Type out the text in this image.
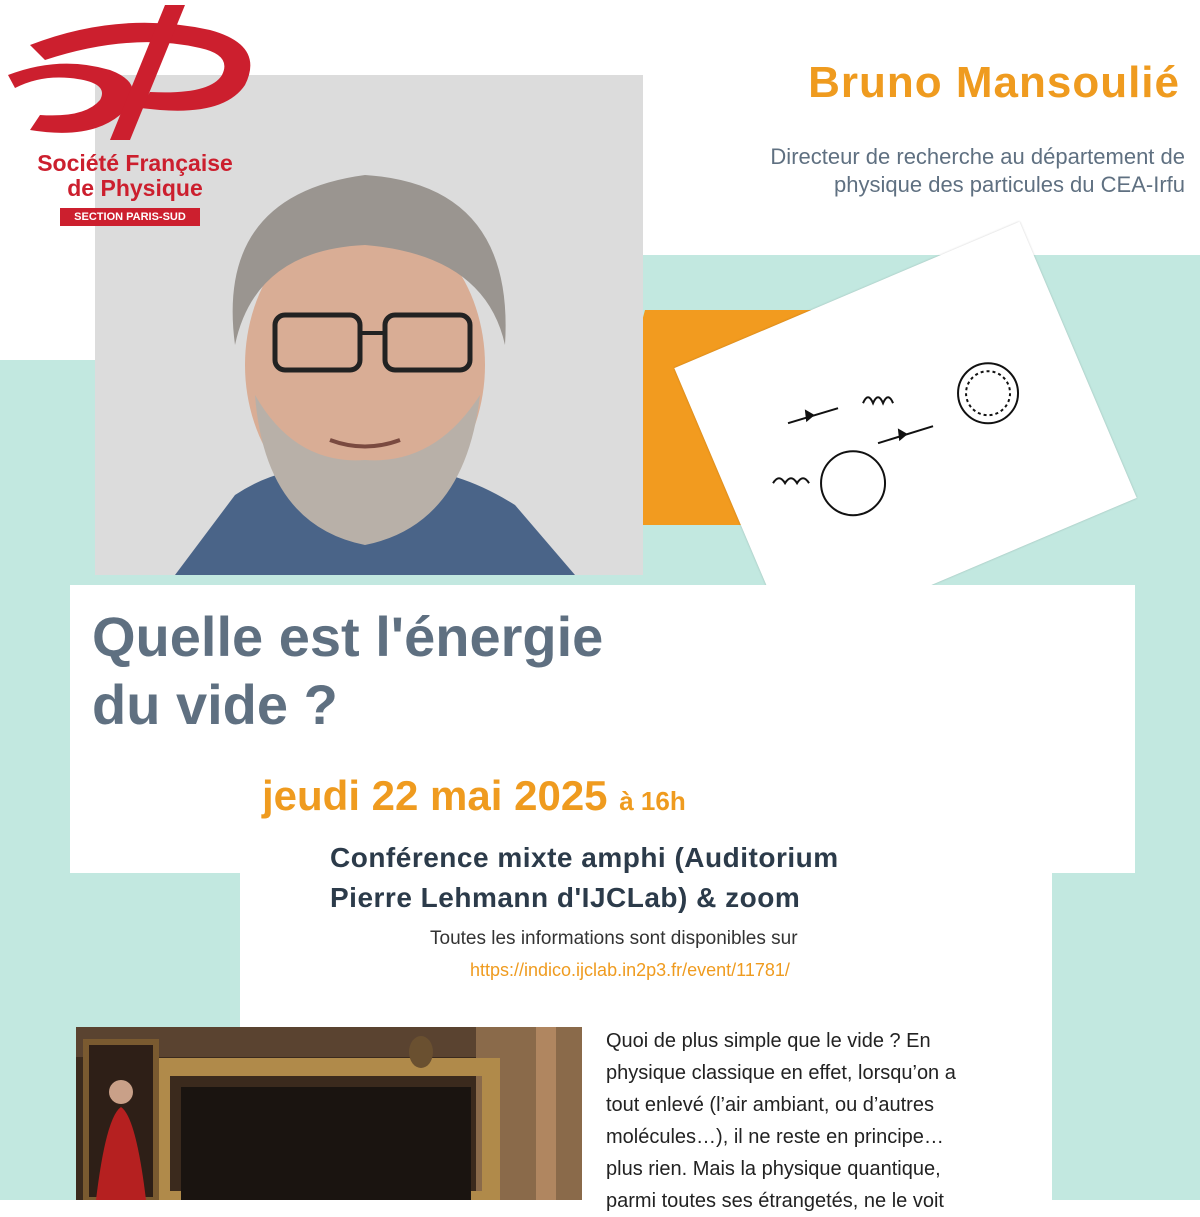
Société Française
de Physique
SECTION PARIS-SUD
Bruno Mansoulié
Directeur de recherche au département de
physique des particules du CEA-Irfu
Quelle est l'énergie
du vide ?
jeudi 22 mai 2025 à 16h
Conférence mixte amphi (Auditorium
Pierre Lehmann d'IJCLab) & zoom
Toutes les informations sont disponibles sur
https://indico.ijclab.in2p3.fr/event/11781/
Quoi de plus simple que le vide ? En
physique classique en effet, lorsqu’on a
tout enlevé (l’air ambiant, ou d’autres
molécules…), il ne reste en principe…
plus rien. Mais la physique quantique,
parmi toutes ses étrangetés, ne le voit
